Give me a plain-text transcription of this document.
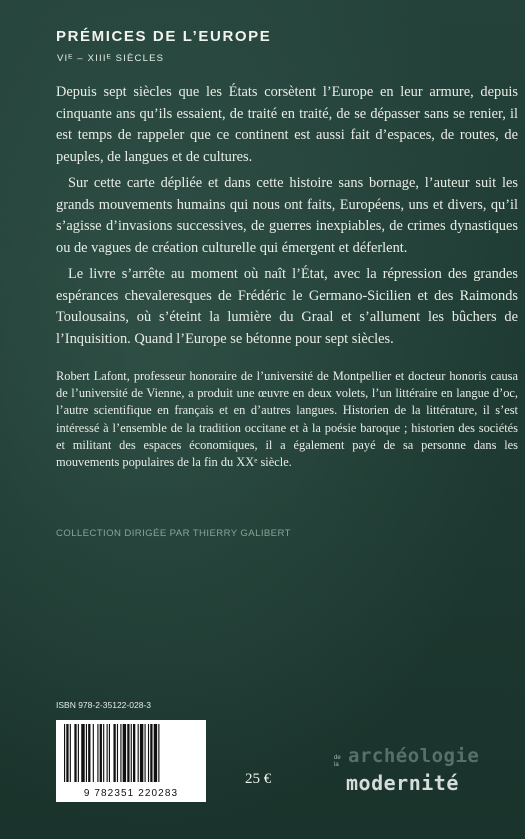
PRÉMICES DE L’EUROPE
VIᴱ – XIIIᴱ SIÈCLES

Depuis sept siècles que les États corsètent l’Europe en leur armure, depuis cinquante ans qu’ils essaient, de traité en traité, de se dépasser sans se renier, il est temps de rappeler que ce continent est aussi fait d’espaces, de routes, de peuples, de langues et de cultures.

Sur cette carte dépliée et dans cette histoire sans bornage, l’auteur suit les grands mouvements humains qui nous ont faits, Européens, uns et divers, qu’il s’agisse d’invasions successives, de guerres inexpiables, de crimes dynastiques ou de vagues de création culturelle qui émergent et déferlent.

Le livre s’arrête au moment où naît l’État, avec la répression des grandes espérances chevaleresques de Frédéric le Germano-Sicilien et des Raimonds Toulousains, où s’éteint la lumière du Graal et s’allument les bûchers de l’Inquisition. Quand l’Europe se bétonne pour sept siècles.

Robert Lafont, professeur honoraire de l’université de Montpellier et docteur honoris causa de l’université de Vienne, a produit une œuvre en deux volets, l’un littéraire en langue d’oc, l’autre scientifique en français et en d’autres langues. Historien de la littérature, il s’est intéressé à l’ensemble de la tradition occitane et à la poésie baroque ; historien des sociétés et militant des espaces économiques, il a également payé de sa personne dans les mouvements populaires de la fin du XXᵉ siècle.

COLLECTION DIRIGÉE PAR THIERRY GALIBERT
ISBN 978-2-35122-028-3
9 782351 220283
25 €
archéologie
de la
modernité
